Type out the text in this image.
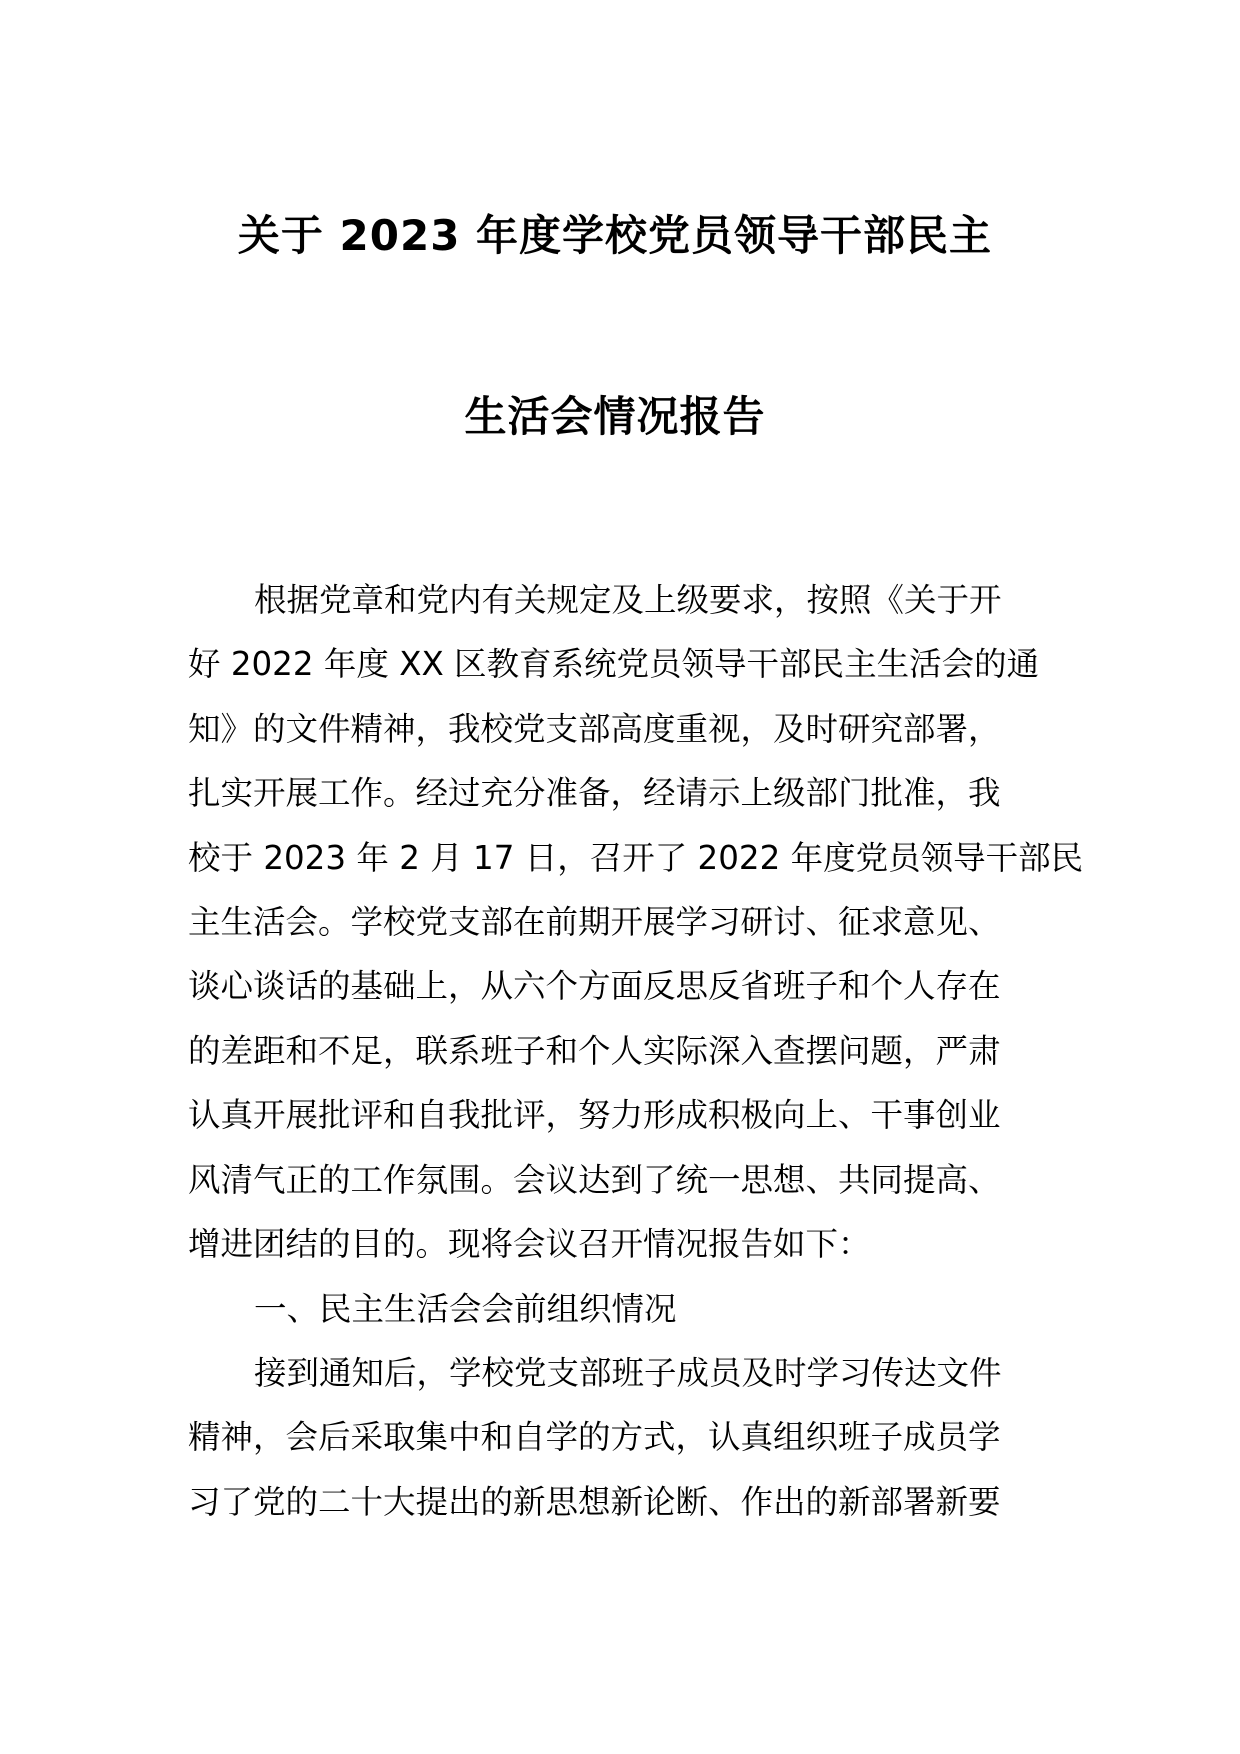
关于 2023 年度学校党员领导干部民主
生活会情况报告
根据党章和党内有关规定及上级要求，按照《关于开
好 2022 年度 XX 区教育系统党员领导干部民主生活会的通
知》的文件精神，我校党支部高度重视，及时研究部署，
扎实开展工作。经过充分准备，经请示上级部门批准，我
校于 2023 年 2 月 17 日，召开了 2022 年度党员领导干部民
主生活会。学校党支部在前期开展学习研讨、征求意见、
谈心谈话的基础上，从六个方面反思反省班子和个人存在
的差距和不足，联系班子和个人实际深入查摆问题，严肃
认真开展批评和自我批评，努力形成积极向上、干事创业
风清气正的工作氛围。会议达到了统一思想、共同提高、
增进团结的目的。现将会议召开情况报告如下：
一、民主生活会会前组织情况
接到通知后，学校党支部班子成员及时学习传达文件
精神，会后采取集中和自学的方式，认真组织班子成员学
习了党的二十大提出的新思想新论断、作出的新部署新要
